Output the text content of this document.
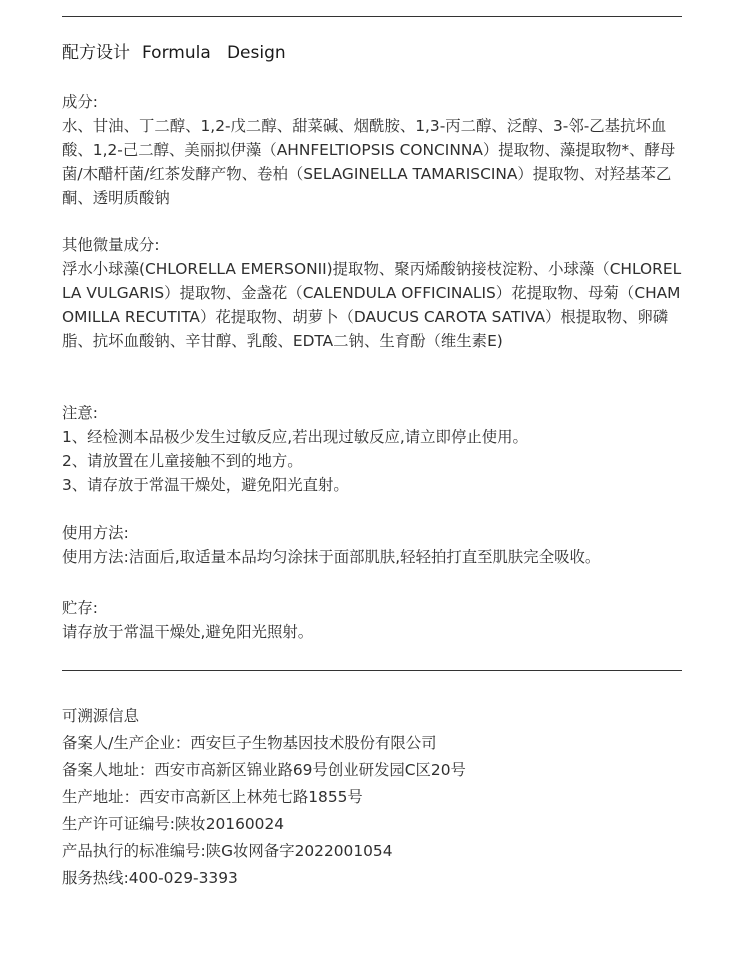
配方设计 Formula   Design
成分:
水、甘油、丁二醇、1,2-戊二醇、甜菜碱、烟酰胺、1,3-丙二醇、泛醇、3-邻-乙基抗坏血酸、1,2-己二醇、美丽拟伊藻（AHNFELTIOPSIS CONCINNA）提取物、藻提取物*、酵母菌/木醋杆菌/红茶发酵产物、卷柏（SELAGINELLA TAMARISCINA）提取物、对羟基苯乙酮、透明质酸钠
其他微量成分:
浮水小球藻(CHLORELLA EMERSONII)提取物、聚丙烯酸钠接枝淀粉、小球藻（CHLORELLA VULGARIS）提取物、金盏花（CALENDULA OFFICINALIS）花提取物、母菊（CHAMOMILLA RECUTITA）花提取物、胡萝卜（DAUCUS CAROTA SATIVA）根提取物、卵磷脂、抗坏血酸钠、辛甘醇、乳酸、EDTA二钠、生育酚（维生素E)
注意:
1、经检测本品极少发生过敏反应,若出现过敏反应,请立即停止使用。
2、请放置在儿童接触不到的地方。
3、请存放于常温干燥处，避免阳光直射。
使用方法:
使用方法:洁面后,取适量本品均匀涂抹于面部肌肤,轻轻拍打直至肌肤完全吸收。
贮存:
请存放于常温干燥处,避免阳光照射。
可溯源信息
备案人/生产企业：西安巨子生物基因技术股份有限公司
备案人地址：西安市高新区锦业路69号创业研发园C区20号
生产地址：西安市高新区上林苑七路1855号
生产许可证编号:陕妆20160024
产品执行的标准编号:陕G妆网备字2022001054
服务热线:400-029-3393
